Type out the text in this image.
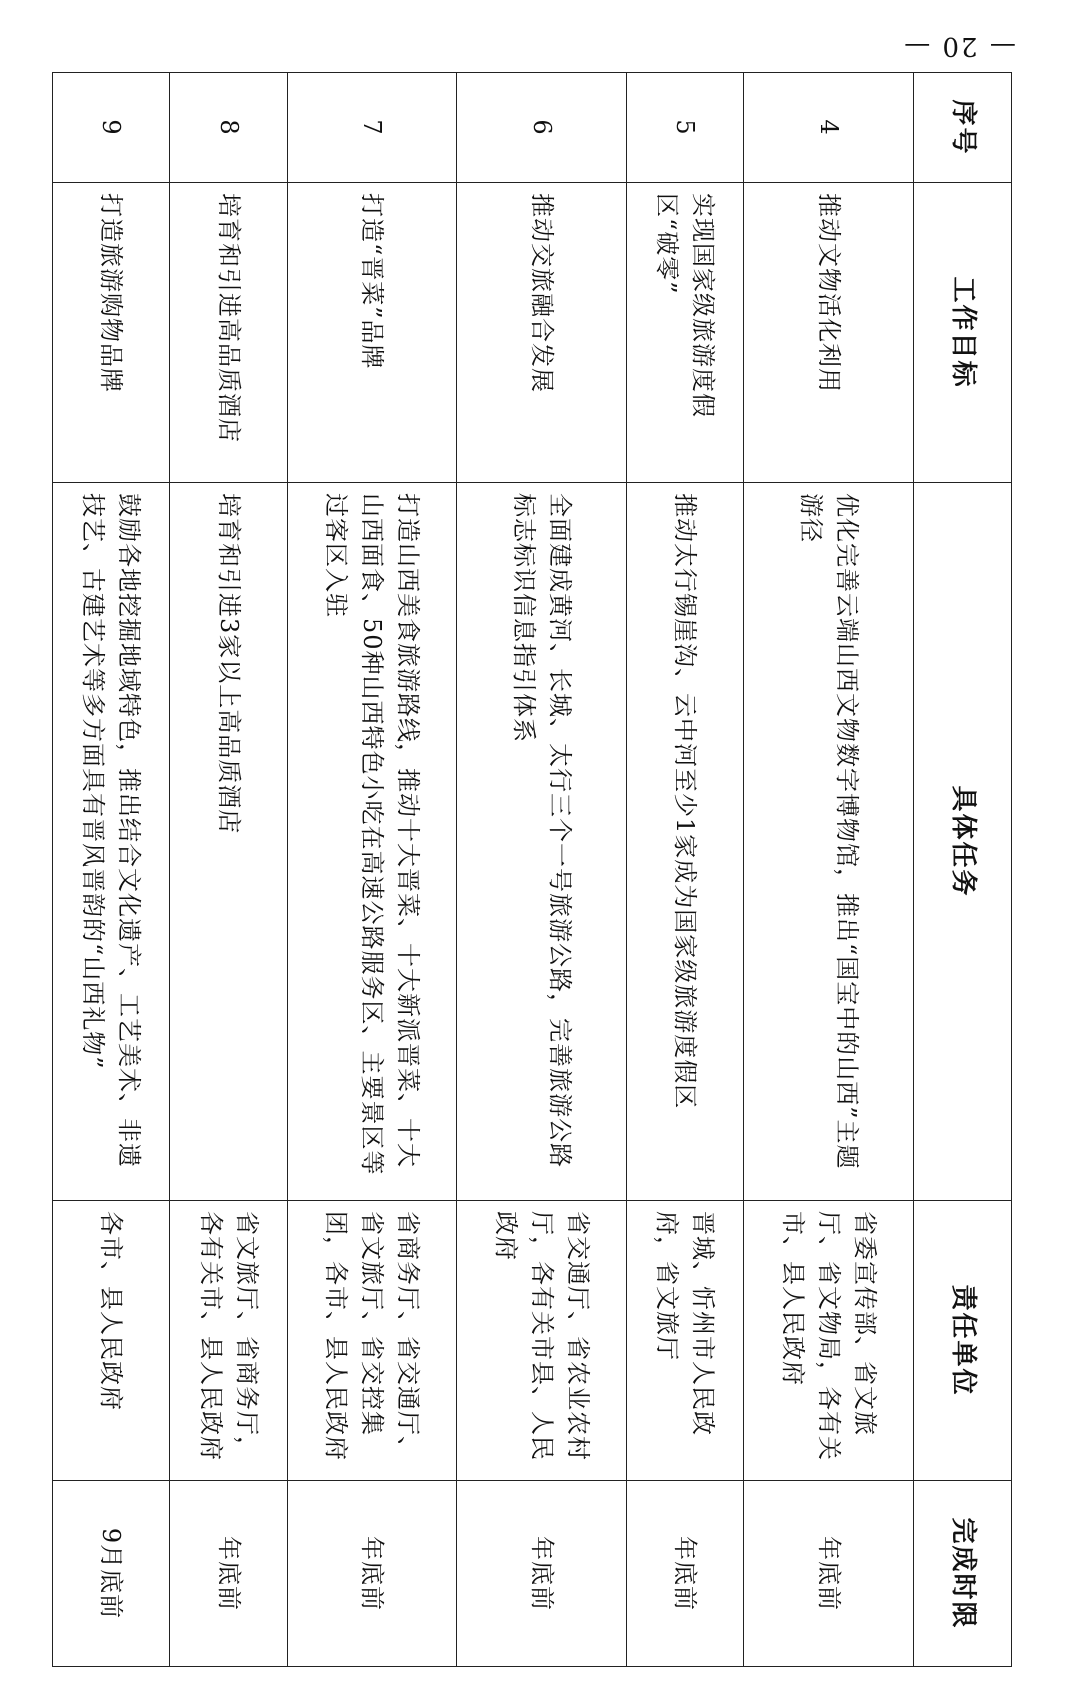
— 20 —
序号	工作目标	具体任务	责任单位	完成时限
4	推动文物活化利用	优化完善云端山西文物数字博物馆，推出“国宝中的山西”主题游径	省委宣传部、省文旅厅、省文物局，各有关市、县人民政府	年底前
5	实现国家级旅游度假区“破零”	推动太行锡崖沟、云中河至少1家成为国家级旅游度假区	晋城、忻州市人民政府，省文旅厅	年底前
6	推动交旅融合发展	全面建成黄河、长城、太行三个一号旅游公路，完善旅游公路标志标识信息指引体系	省交通厅、省农业农村厅，各有关市县、人民政府	年底前
7	打造“晋菜”品牌	打造山西美食旅游路线，推动十大晋菜、十大新派晋菜、十大山西面食、50种山西特色小吃在高速公路服务区、主要景区等过客区入驻	省商务厅、省交通厅、省文旅厅、省交控集团，各市、县人民政府	年底前
8	培育和引进高品质酒店	培育和引进3家以上高品质酒店	省文旅厅、省商务厅，各有关市、县人民政府	年底前
9	打造旅游购物品牌	鼓励各地挖掘地域特色，推出结合文化遗产、工艺美术、非遗技艺、古建艺术等多方面具有晋风晋韵的“山西礼物”	各市、县人民政府	9月底前
